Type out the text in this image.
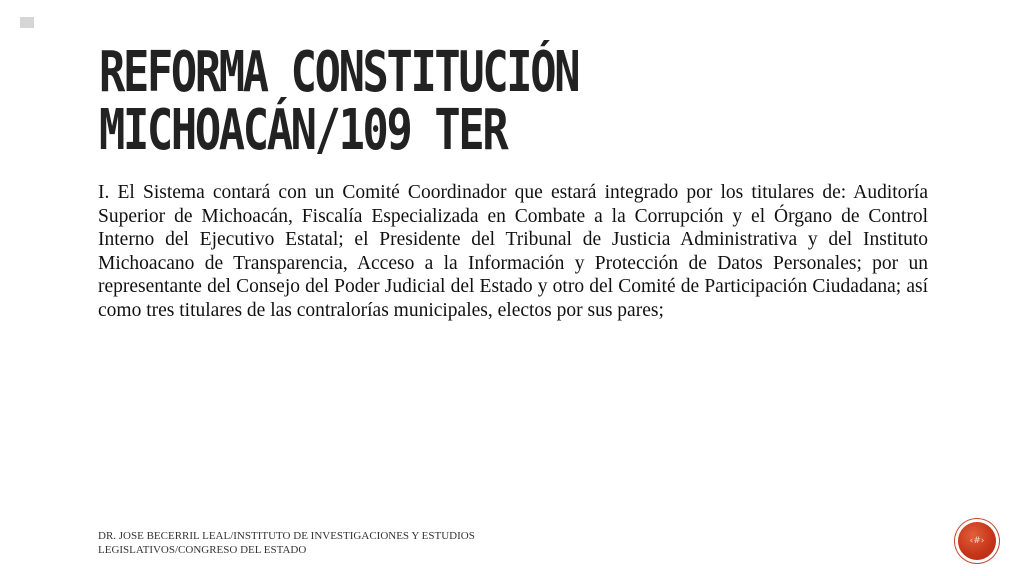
REFORMA CONSTITUCIÓN MICHOACÁN/109 TER

I. El Sistema contará con un Comité Coordinador que estará integrado por los titulares de: Auditoría Superior de Michoacán, Fiscalía Especializada en Combate a la Corrupción y el Órgano de Control Interno del Ejecutivo Estatal; el Presidente del Tribunal de Justicia Administrativa y del Instituto Michoacano de Transparencia, Acceso a la Información y Protección de Datos Personales; por un representante del Consejo del Poder Judicial del Estado y otro del Comité de Participación Ciudadana; así como tres titulares de las contralorías municipales, electos por sus pares;

DR. JOSE BECERRIL LEAL/INSTITUTO DE INVESTIGACIONES Y ESTUDIOS LEGISLATIVOS/CONGRESO DEL ESTADO

‹#›
